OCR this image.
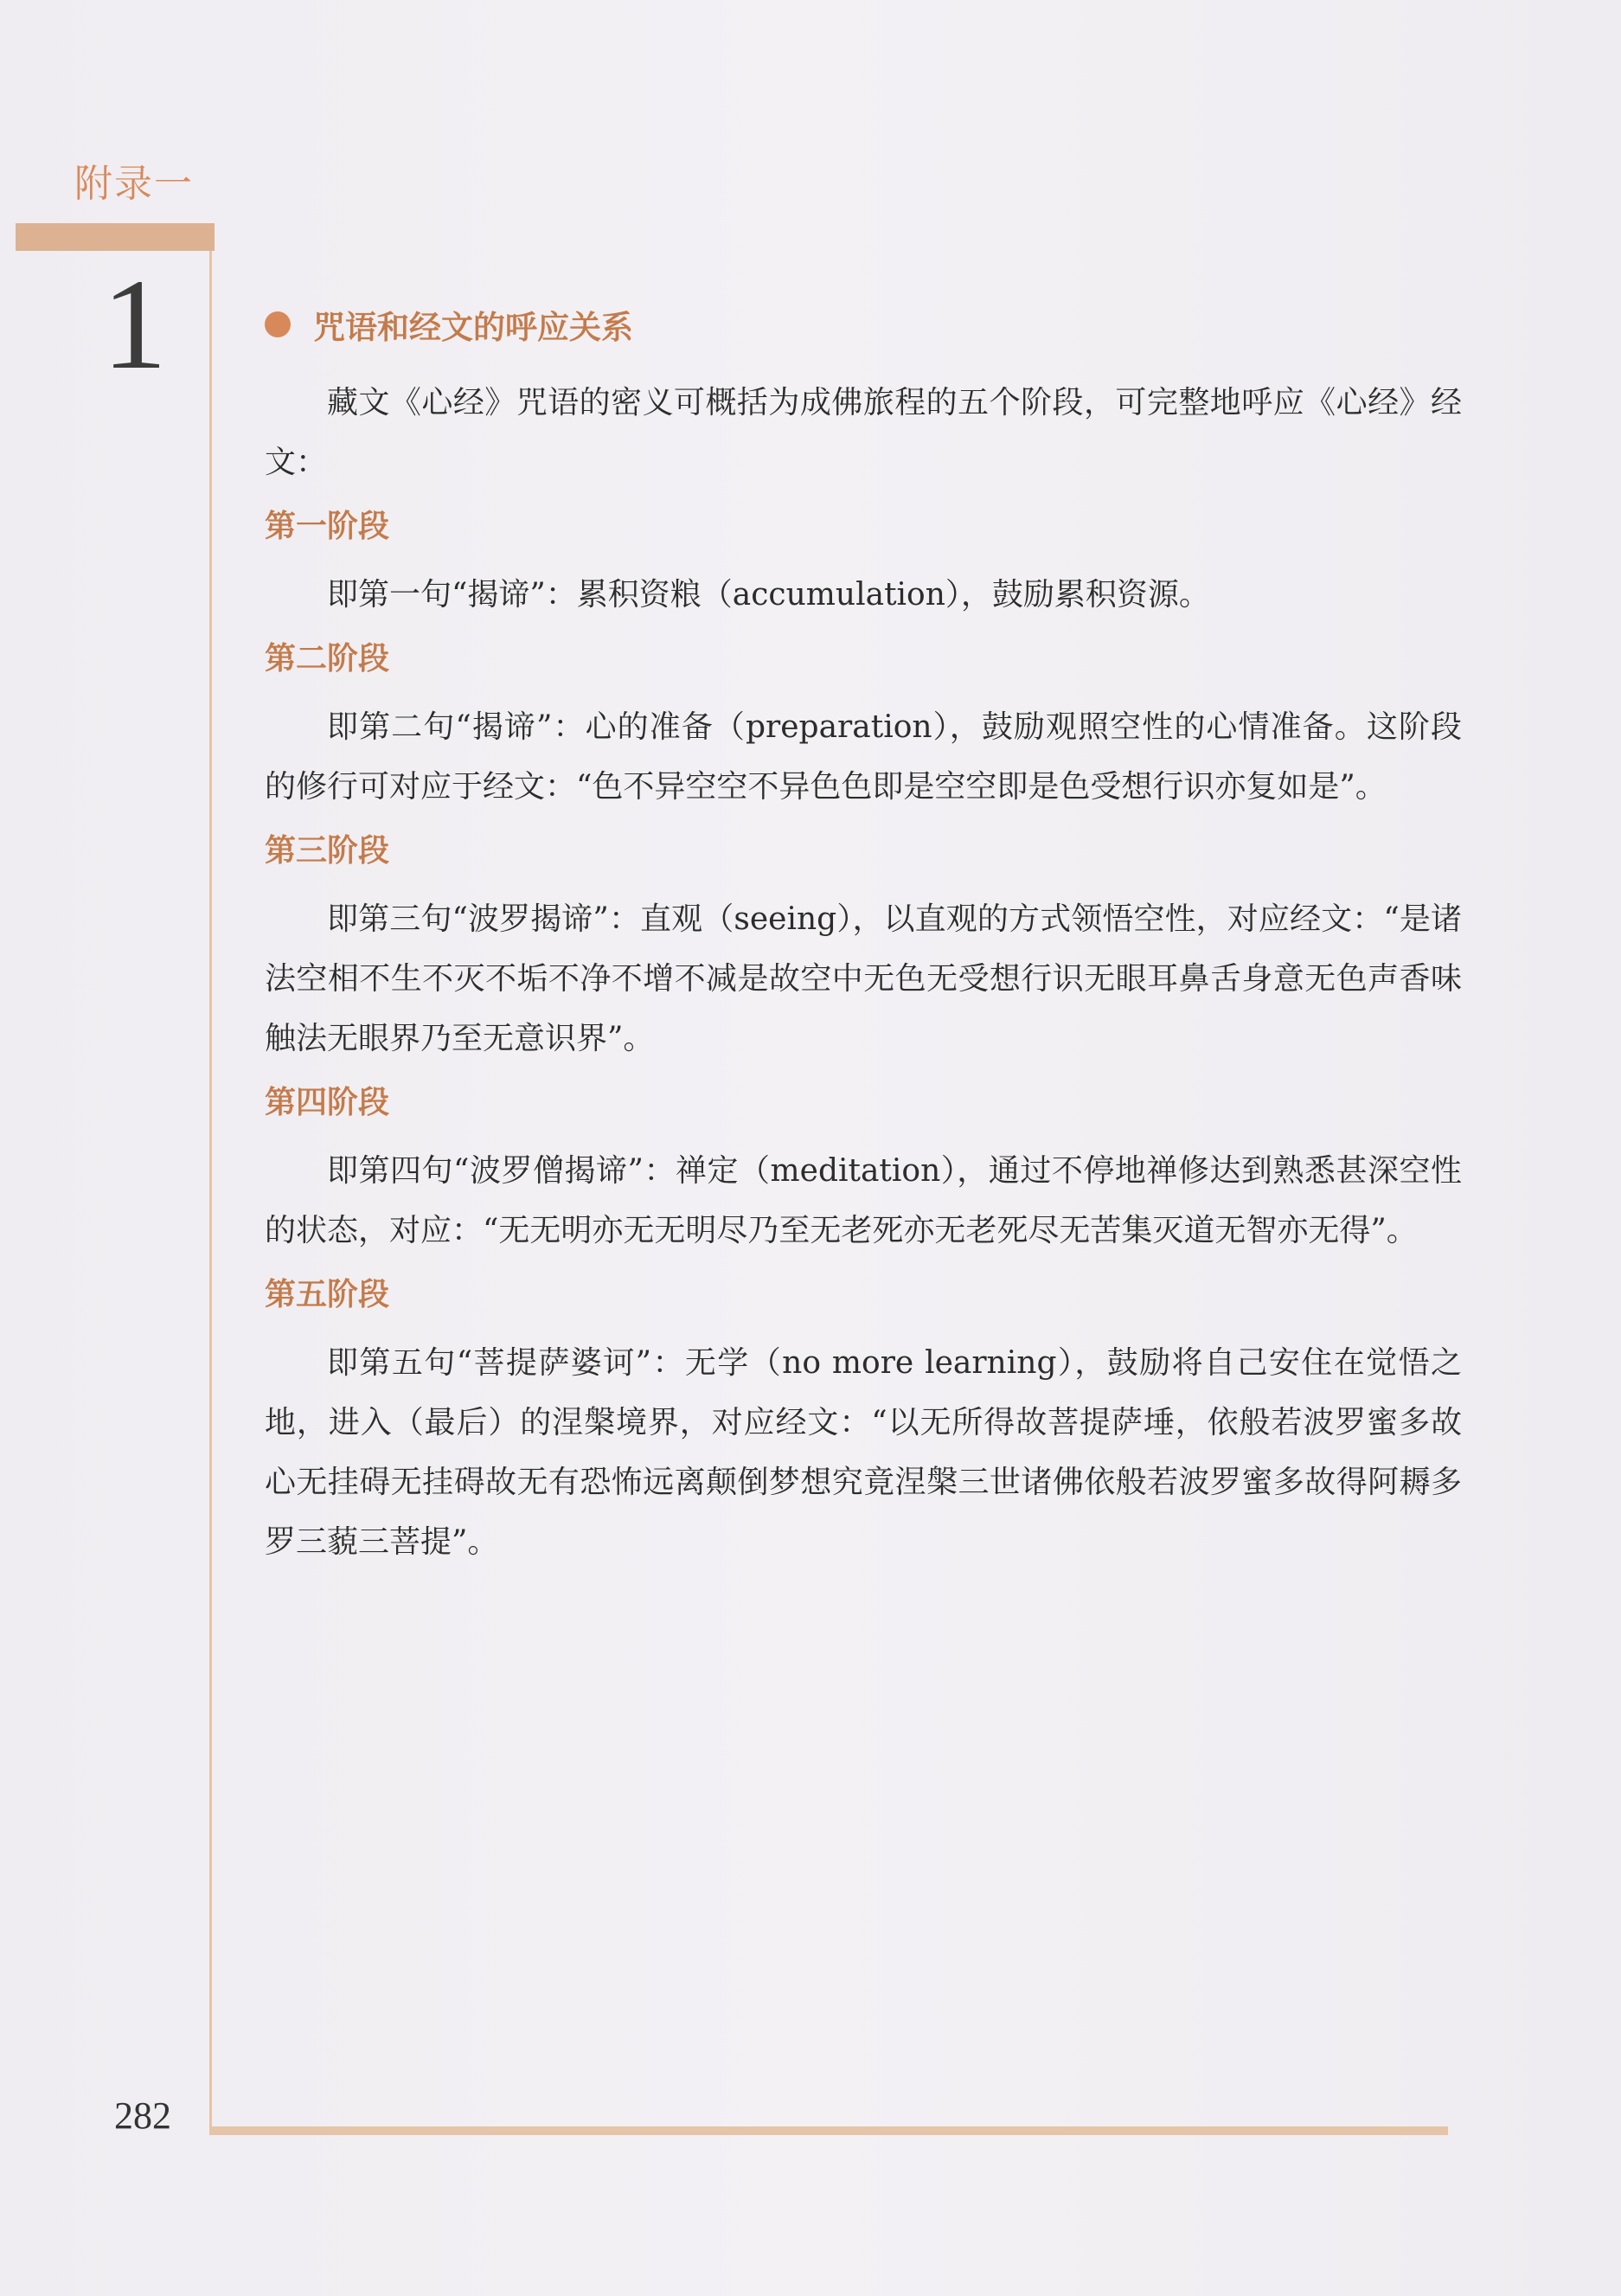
附录一
1	咒语和经文的呼应关系

藏文《心经》咒语的密义可概括为成佛旅程的五个阶段，可完整地呼应《心经》经文：

第一阶段

即第一句“揭谛”：累积资粮（accumulation），鼓励累积资源。

第二阶段

即第二句“揭谛”：心的准备（preparation），鼓励观照空性的心情准备。这阶段的修行可对应于经文：“色不异空空不异色色即是空空即是色受想行识亦复如是”。

第三阶段

即第三句“波罗揭谛”：直观（seeing），以直观的方式领悟空性，对应经文：“是诸法空相不生不灭不垢不净不增不减是故空中无色无受想行识无眼耳鼻舌身意无色声香味触法无眼界乃至无意识界”。

第四阶段

即第四句“波罗僧揭谛”：禅定（meditation），通过不停地禅修达到熟悉甚深空性的状态，对应：“无无明亦无无明尽乃至无老死亦无老死尽无苦集灭道无智亦无得”。

第五阶段

即第五句“菩提萨婆诃”：无学（no more learning），鼓励将自己安住在觉悟之地，进入（最后）的涅槃境界，对应经文：“以无所得故菩提萨埵，依般若波罗蜜多故心无挂碍无挂碍故无有恐怖远离颠倒梦想究竟涅槃三世诸佛依般若波罗蜜多故得阿耨多罗三藐三菩提”。

282
